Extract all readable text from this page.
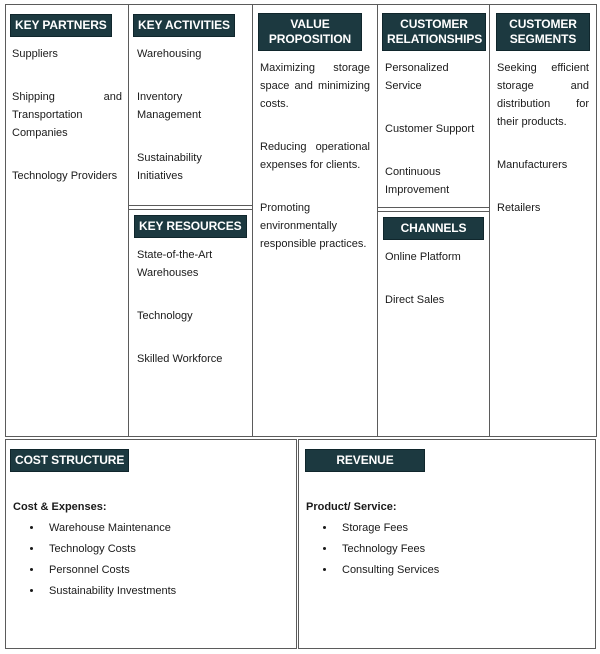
KEY PARTNERS

Suppliers

Shipping and Transportation Companies

Technology Providers

KEY ACTIVITIES

Warehousing

Inventory Management

Sustainability Initiatives

KEY RESOURCES

State-of-the-Art Warehouses

Technology

Skilled Workforce

VALUE PROPOSITION

Maximizing storage space and minimizing costs.

Reducing operational expenses for clients.

Promoting environmentally responsible practices.

CUSTOMER RELATIONSHIPS

Personalized Service

Customer Support

Continuous Improvement

CHANNELS

Online Platform

Direct Sales

CUSTOMER SEGMENTS

Seeking efficient storage and distribution for their products.

Manufacturers

Retailers

COST STRUCTURE

Cost & Expenses:

• Warehouse Maintenance
• Technology Costs
• Personnel Costs
• Sustainability Investments
REVENUE

Product/ Service:

• Storage Fees
• Technology Fees
• Consulting Services
